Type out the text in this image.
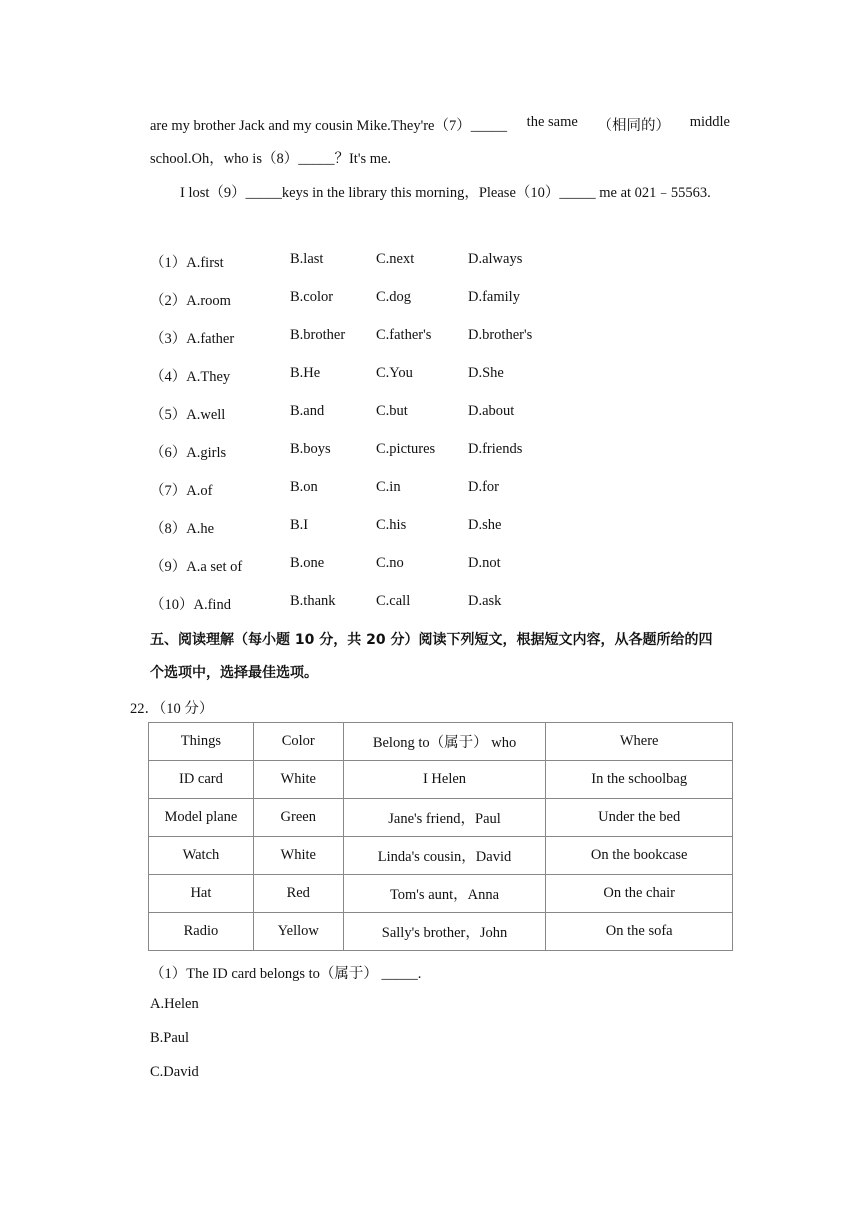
are my brother Jack and my cousin Mike.They're（7）_____ the same （相同的） middle
school.Oh，who is（8）_____？It's me.
I lost（9）_____keys in the library this morning，Please（10）_____ me at 021﹣55563.
（1）A.first	B.last	C.next	D.always
（2）A.room	B.color	C.dog	D.family
（3）A.father	B.brother C.father's	D.brother's
（4）A.They	B.He	C.You	D.She
（5）A.well	B.and	C.but	D.about
（6）A.girls	B.boys	C.pictures D.friends
（7）A.of	B.on	C.in	D.for
（8）A.he	B.I	C.his	D.she
（9）A.a set of	B.one	C.no	D.not
（10）A.find	B.thank	C.call	D.ask
五、阅读理解（每小题 10 分，共 20 分）阅读下列短文，根据短文内容，从各题所给的四
个选项中，选择最佳选项。
22．（10 分）
Things	Color	Belong to（属于） who	Where
ID card	White	I Helen	In the schoolbag
Model plane	Green	Jane's friend，Paul	Under the bed
Watch	White	Linda's cousin，David	On the bookcase
Hat	Red	Tom's aunt，Anna	On the chair
Radio	Yellow	Sally's brother，John	On the sofa
（1）The ID card belongs to（属于） _____.
A.Helen
B.Paul
C.David
